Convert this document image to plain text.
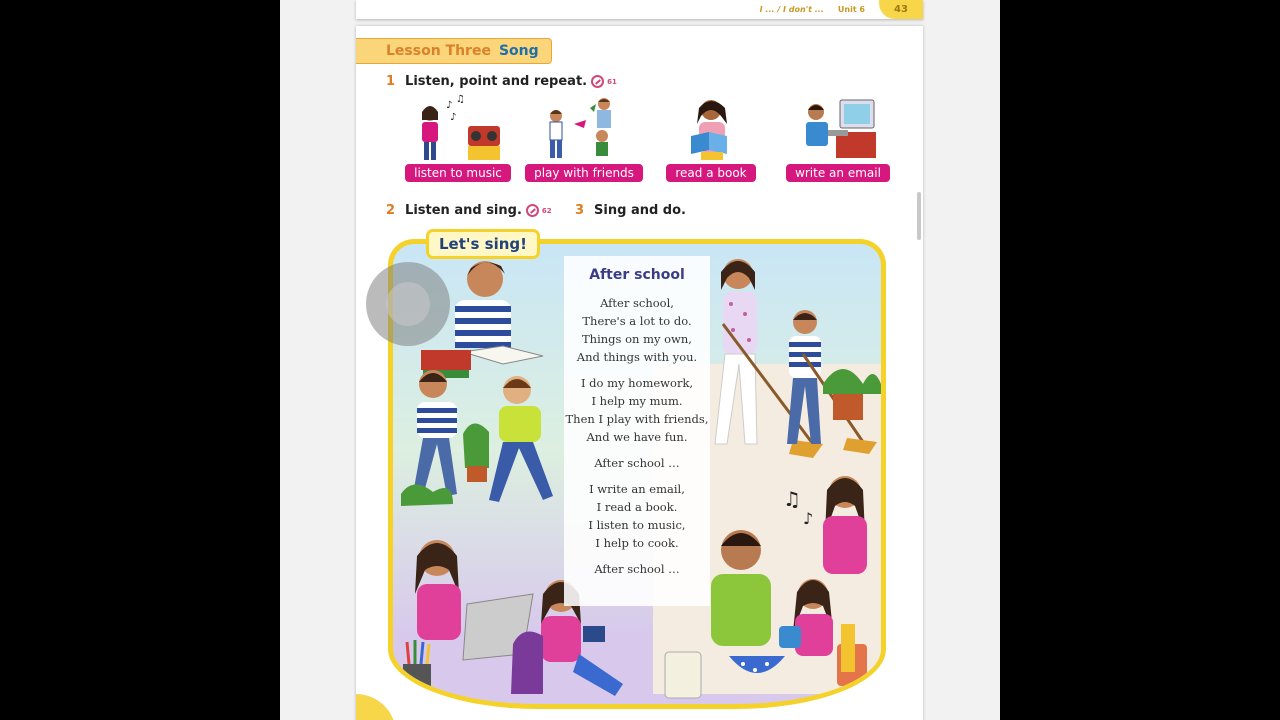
I ... / I don't ... Unit 6	43
Lesson Three Song
1 Listen, point and repeat.	61
♪
♫
♪
listen to music	play with friends	read a book	write an email
2 Listen and sing.	62 3 Sing and do.
Let's sing!
♫
♪
After school
After school,
There's a lot to do.
Things on my own,
And things with you.
I do my homework,
I help my mum.
Then I play with friends,
And we have fun.
After school …
I write an email,
I read a book.
I listen to music,
I help to cook.
After school …
